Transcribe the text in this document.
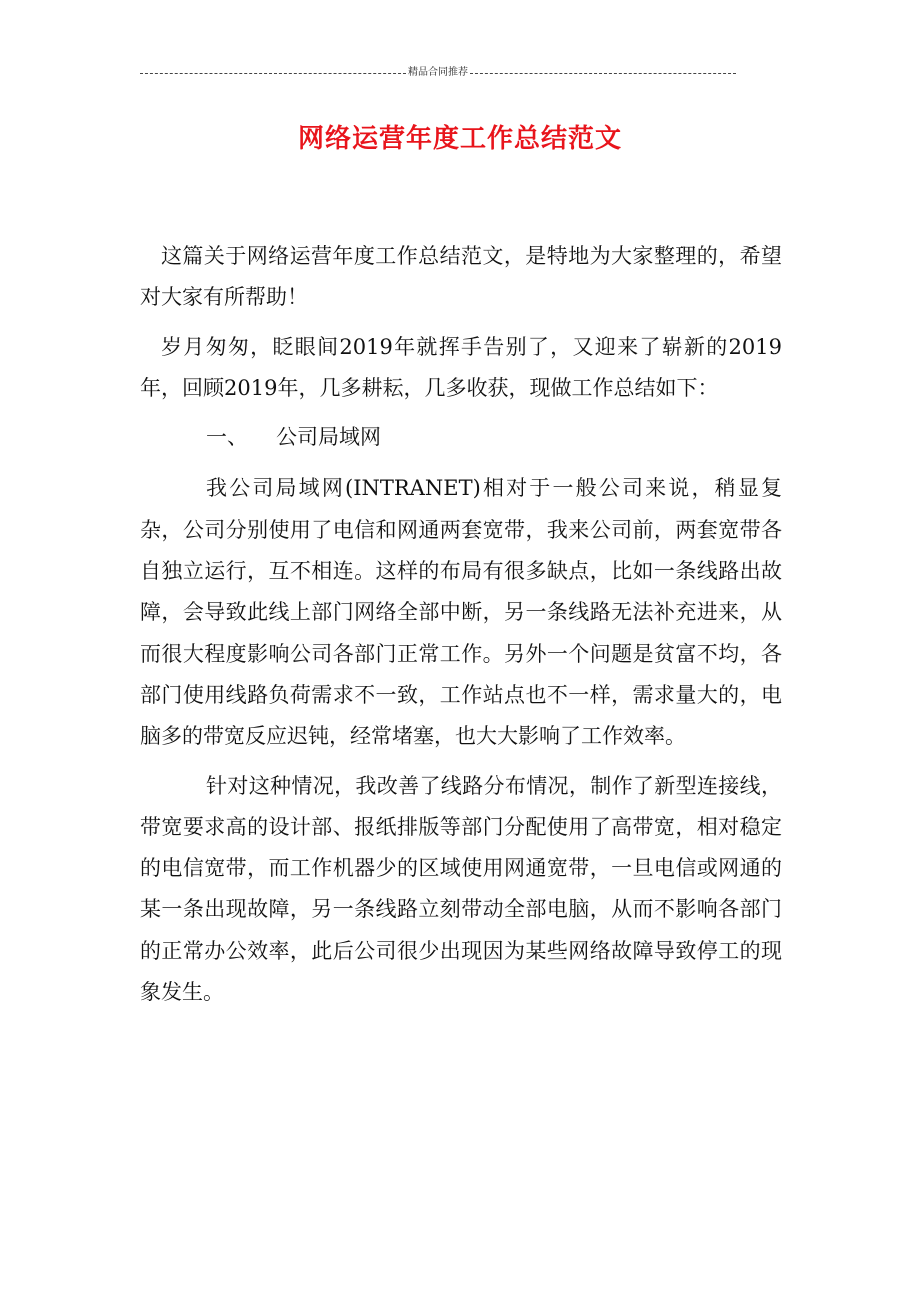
精品合同推荐
网络运营年度工作总结范文

这篇关于网络运营年度工作总结范文，是特地为大家整理的，希望对大家有所帮助！

岁月匆匆，眨眼间2019年就挥手告别了，又迎来了崭新的2019年，回顾2019年，几多耕耘，几多收获，现做工作总结如下：

一、 公司局域网

我公司局域网(INTRANET)相对于一般公司来说，稍显复杂，公司分别使用了电信和网通两套宽带，我来公司前，两套宽带各自独立运行，互不相连。这样的布局有很多缺点，比如一条线路出故障，会导致此线上部门网络全部中断，另一条线路无法补充进来，从而很大程度影响公司各部门正常工作。另外一个问题是贫富不均，各部门使用线路负荷需求不一致，工作站点也不一样，需求量大的，电脑多的带宽反应迟钝，经常堵塞，也大大影响了工作效率。

针对这种情况，我改善了线路分布情况，制作了新型连接线，带宽要求高的设计部、报纸排版等部门分配使用了高带宽，相对稳定的电信宽带，而工作机器少的区域使用网通宽带，一旦电信或网通的某一条出现故障，另一条线路立刻带动全部电脑，从而不影响各部门的正常办公效率，此后公司很少出现因为某些网络故障导致停工的现象发生。
